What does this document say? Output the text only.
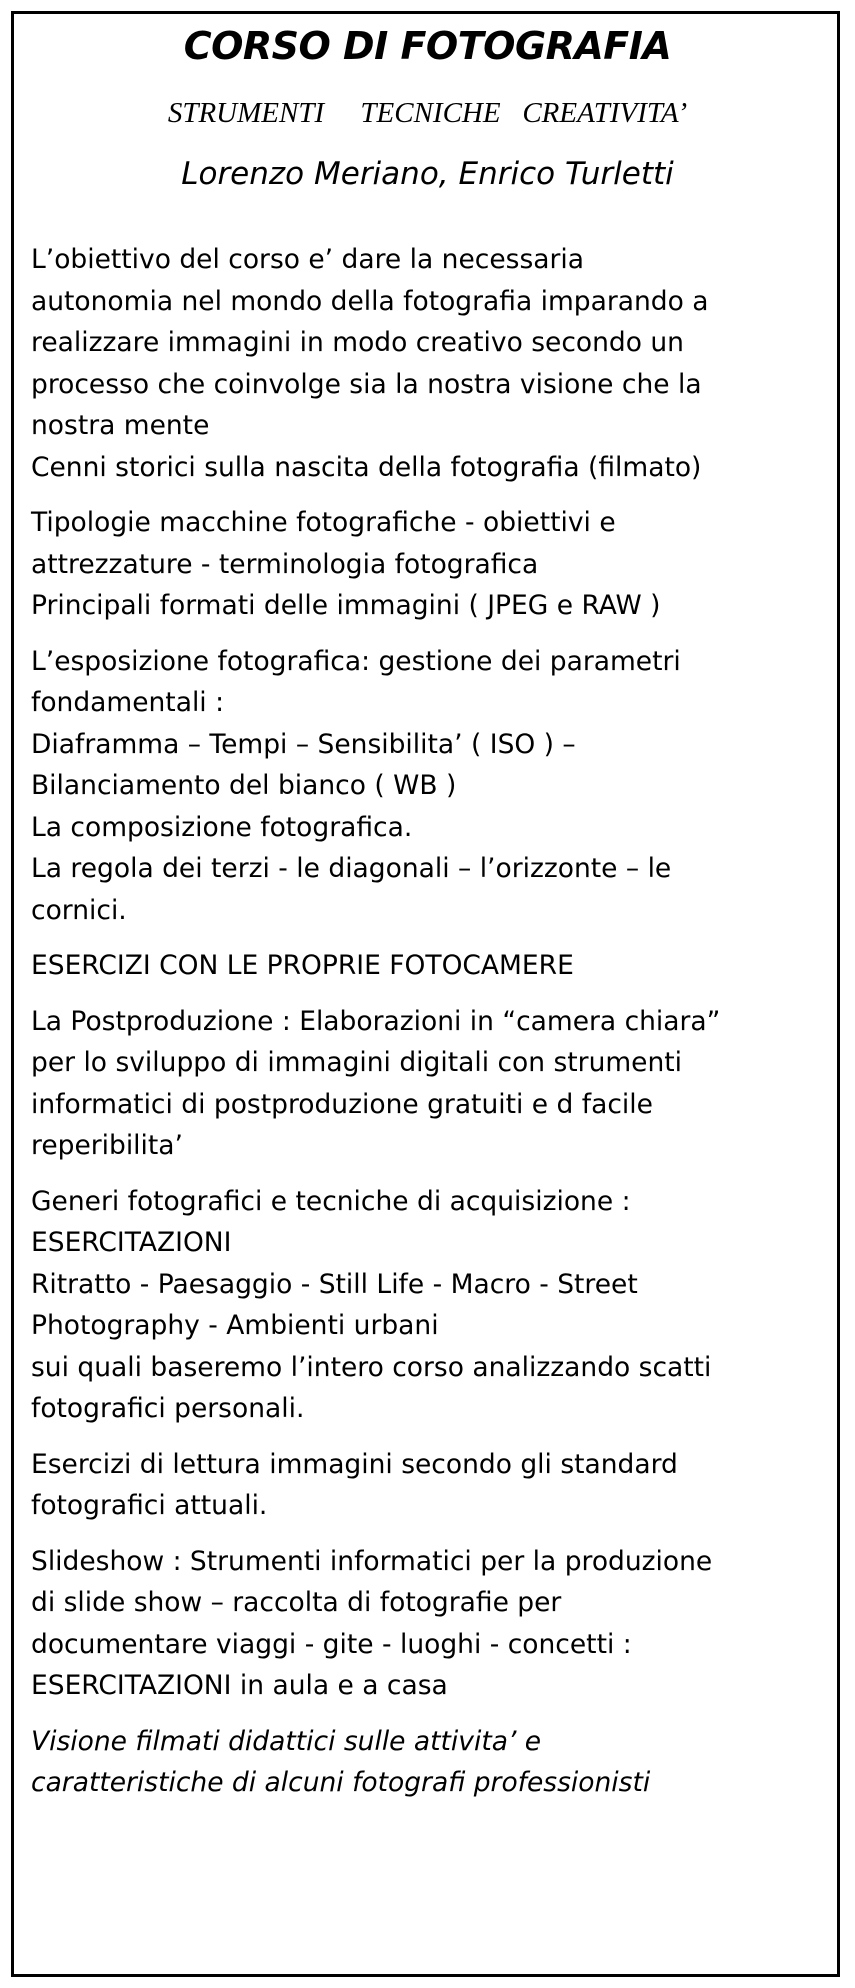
CORSO DI FOTOGRAFIA
STRUMENTI     TECNICHE   CREATIVITA’
Lorenzo Meriano, Enrico Turletti
L’obiettivo del corso e’ dare la necessaria
autonomia nel mondo della fotografia imparando a
realizzare immagini in modo creativo secondo un
processo che coinvolge sia la nostra visione che la
nostra mente
Cenni storici sulla nascita della fotografia (filmato)
Tipologie macchine fotografiche - obiettivi e
attrezzature - terminologia fotografica
Principali formati delle immagini ( JPEG e RAW )
L’esposizione fotografica: gestione dei parametri
fondamentali :
Diaframma – Tempi – Sensibilita’ ( ISO ) –
Bilanciamento del bianco ( WB )
La composizione fotografica.
La regola dei terzi - le diagonali – l’orizzonte – le
cornici.
ESERCIZI CON LE PROPRIE FOTOCAMERE
La Postproduzione : Elaborazioni in “camera chiara”
per lo sviluppo di immagini digitali con strumenti
informatici di postproduzione gratuiti e d facile
reperibilita’
Generi fotografici e tecniche di acquisizione :
ESERCITAZIONI
Ritratto - Paesaggio - Still Life - Macro - Street
Photography - Ambienti urbani
sui quali baseremo l’intero corso analizzando scatti
fotografici personali.
Esercizi di lettura immagini secondo gli standard
fotografici attuali.
Slideshow : Strumenti informatici per la produzione
di slide show – raccolta di fotografie per
documentare viaggi - gite - luoghi - concetti :
ESERCITAZIONI in aula e a casa
Visione filmati didattici sulle attivita’ e
caratteristiche di alcuni fotografi professionisti
